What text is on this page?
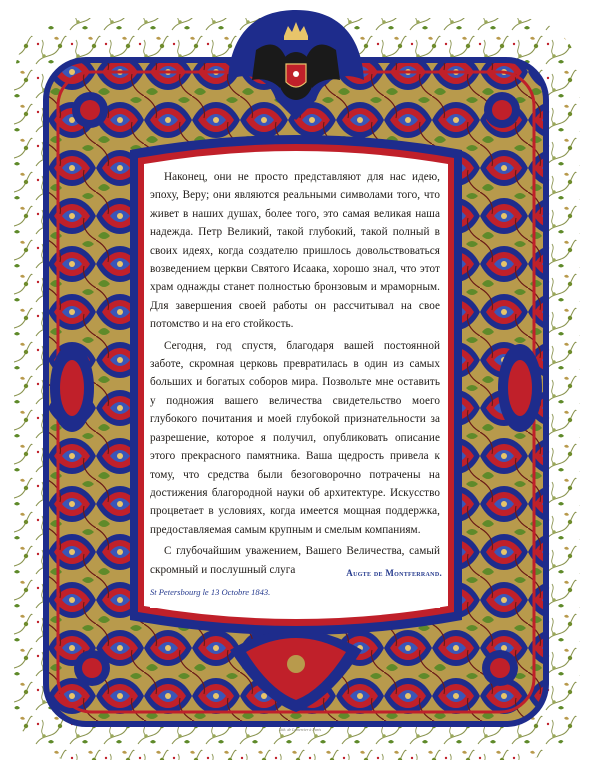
Наконец, они не просто представляют для нас идею, эпоху, Веру; они являются реальными символами того, что живет в наших душах, более того, это самая великая наша надежда. Петр Великий, такой глубокий, такой полный в своих идеях, когда создателю пришлось довольствоваться возведением церкви Святого Исаака, хорошо знал, что этот храм однажды станет полностью бронзовым и мраморным. Для завершения своей работы он рассчитывал на свое потомство и на его стойкость.

Сегодня, год спустя, благодаря вашей постоянной заботе, скромная церковь превратилась в один из самых больших и богатых соборов мира. Позвольте мне оставить у подножия вашего величества свидетельство моего глубокого почитания и моей глубокой признательности за разрешение, которое я получил, опубликовать описание этого прекрасного памятника. Ваша щедрость привела к тому, что средства были безоговорочно потрачены на достижения благородной науки об архитектуре. Искусство процветает в условиях, когда имеется мощная поддержка, предоставляемая самым крупным и смелым компаниям.

С глубочайшим уважением, Вашего Величества, самый скромный и послушный слуга	Augte de Montferrand.
St Petersbourg le 13 Octobre 1843.
Lith. de Lemercier à Paris
